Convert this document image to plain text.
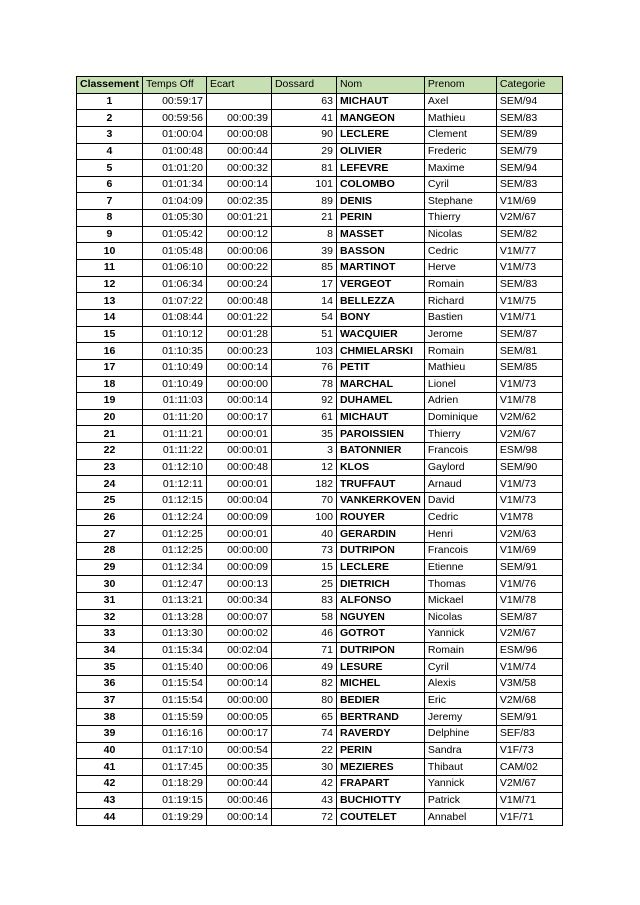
Classement	Temps Off	Ecart	Dossard	Nom	Prenom	Categorie
1	00:59:17		63	MICHAUT	Axel	SEM/94
2	00:59:56	00:00:39	41	MANGEON	Mathieu	SEM/83
3	01:00:04	00:00:08	90	LECLERE	Clement	SEM/89
4	01:00:48	00:00:44	29	OLIVIER	Frederic	SEM/79
5	01:01:20	00:00:32	81	LEFEVRE	Maxime	SEM/94
6	01:01:34	00:00:14	101	COLOMBO	Cyril	SEM/83
7	01:04:09	00:02:35	89	DENIS	Stephane	V1M/69
8	01:05:30	00:01:21	21	PERIN	Thierry	V2M/67
9	01:05:42	00:00:12	8	MASSET	Nicolas	SEM/82
10	01:05:48	00:00:06	39	BASSON	Cedric	V1M/77
11	01:06:10	00:00:22	85	MARTINOT	Herve	V1M/73
12	01:06:34	00:00:24	17	VERGEOT	Romain	SEM/83
13	01:07:22	00:00:48	14	BELLEZZA	Richard	V1M/75
14	01:08:44	00:01:22	54	BONY	Bastien	V1M/71
15	01:10:12	00:01:28	51	WACQUIER	Jerome	SEM/87
16	01:10:35	00:00:23	103	CHMIELARSKI	Romain	SEM/81
17	01:10:49	00:00:14	76	PETIT	Mathieu	SEM/85
18	01:10:49	00:00:00	78	MARCHAL	Lionel	V1M/73
19	01:11:03	00:00:14	92	DUHAMEL	Adrien	V1M/78
20	01:11:20	00:00:17	61	MICHAUT	Dominique	V2M/62
21	01:11:21	00:00:01	35	PAROISSIEN	Thierry	V2M/67
22	01:11:22	00:00:01	3	BATONNIER	Francois	ESM/98
23	01:12:10	00:00:48	12	KLOS	Gaylord	SEM/90
24	01:12:11	00:00:01	182	TRUFFAUT	Arnaud	V1M/73
25	01:12:15	00:00:04	70	VANKERKOVEN	David	V1M/73
26	01:12:24	00:00:09	100	ROUYER	Cedric	V1M78
27	01:12:25	00:00:01	40	GERARDIN	Henri	V2M/63
28	01:12:25	00:00:00	73	DUTRIPON	Francois	V1M/69
29	01:12:34	00:00:09	15	LECLERE	Etienne	SEM/91
30	01:12:47	00:00:13	25	DIETRICH	Thomas	V1M/76
31	01:13:21	00:00:34	83	ALFONSO	Mickael	V1M/78
32	01:13:28	00:00:07	58	NGUYEN	Nicolas	SEM/87
33	01:13:30	00:00:02	46	GOTROT	Yannick	V2M/67
34	01:15:34	00:02:04	71	DUTRIPON	Romain	ESM/96
35	01:15:40	00:00:06	49	LESURE	Cyril	V1M/74
36	01:15:54	00:00:14	82	MICHEL	Alexis	V3M/58
37	01:15:54	00:00:00	80	BEDIER	Eric	V2M/68
38	01:15:59	00:00:05	65	BERTRAND	Jeremy	SEM/91
39	01:16:16	00:00:17	74	RAVERDY	Delphine	SEF/83
40	01:17:10	00:00:54	22	PERIN	Sandra	V1F/73
41	01:17:45	00:00:35	30	MEZIERES	Thibaut	CAM/02
42	01:18:29	00:00:44	42	FRAPART	Yannick	V2M/67
43	01:19:15	00:00:46	43	BUCHIOTTY	Patrick	V1M/71
44	01:19:29	00:00:14	72	COUTELET	Annabel	V1F/71
